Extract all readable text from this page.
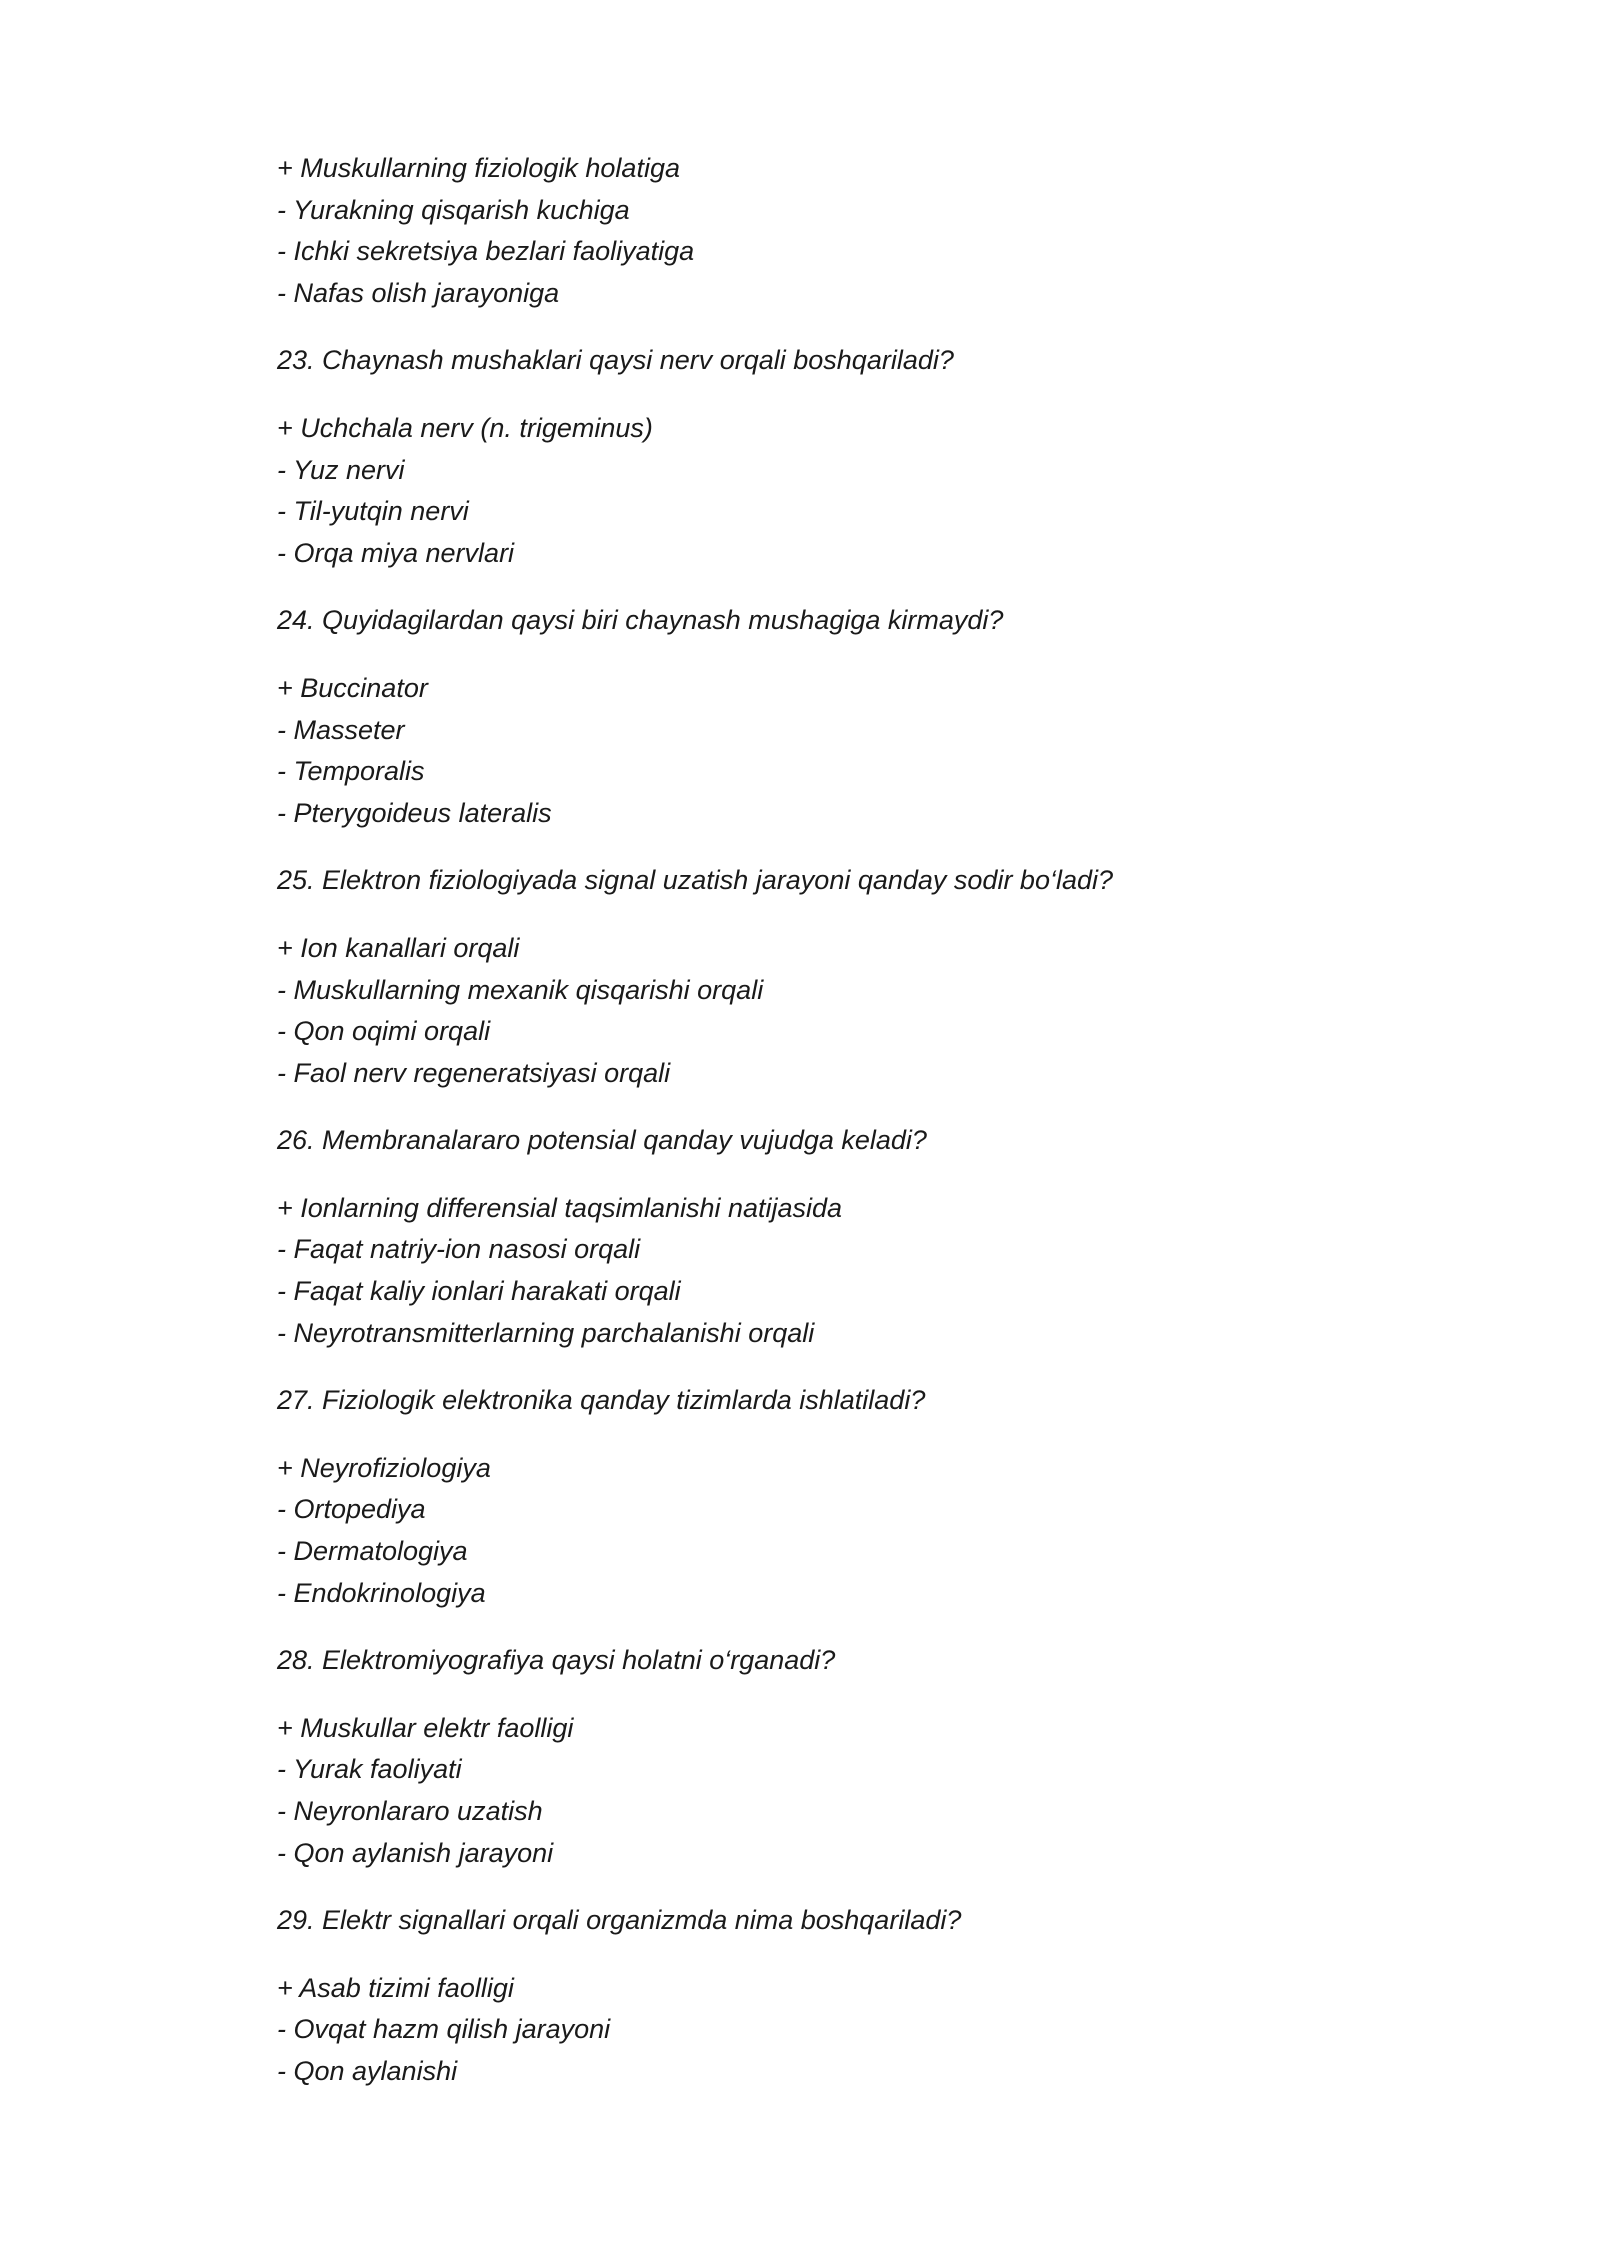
+ Muskullarning fiziologik holatiga
- Yurakning qisqarish kuchiga
- Ichki sekretsiya bezlari faoliyatiga
- Nafas olish jarayoniga
23. Chaynash mushaklari qaysi nerv orqali boshqariladi?
+ Uchchala nerv (n. trigeminus)
- Yuz nervi
- Til-yutqin nervi
- Orqa miya nervlari
24. Quyidagilardan qaysi biri chaynash mushagiga kirmaydi?
+ Buccinator
- Masseter
- Temporalis
- Pterygoideus lateralis
25. Elektron fiziologiyada signal uzatish jarayoni qanday sodir bo‘ladi?
+ Ion kanallari orqali
- Muskullarning mexanik qisqarishi orqali
- Qon oqimi orqali
- Faol nerv regeneratsiyasi orqali
26. Membranalararo potensial qanday vujudga keladi?
+ Ionlarning differensial taqsimlanishi natijasida
- Faqat natriy-ion nasosi orqali
- Faqat kaliy ionlari harakati orqali
- Neyrotransmitterlarning parchalanishi orqali
27. Fiziologik elektronika qanday tizimlarda ishlatiladi?
+ Neyrofiziologiya
- Ortopediya
- Dermatologiya
- Endokrinologiya
28. Elektromiyografiya qaysi holatni o‘rganadi?
+ Muskullar elektr faolligi
- Yurak faoliyati
- Neyronlararo uzatish
- Qon aylanish jarayoni
29. Elektr signallari orqali organizmda nima boshqariladi?
+ Asab tizimi faolligi
- Ovqat hazm qilish jarayoni
- Qon aylanishi
